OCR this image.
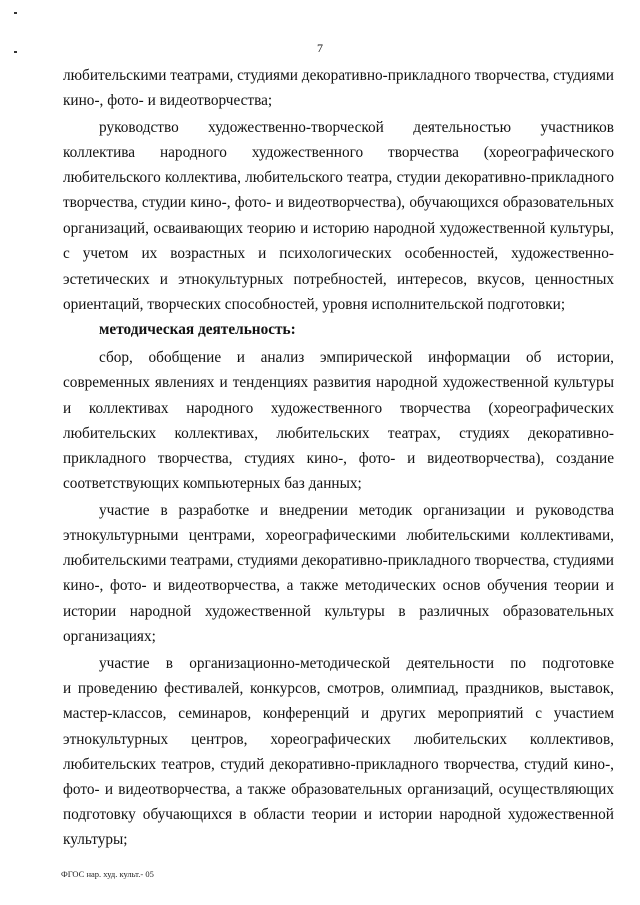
7
любительскими театрами, студиями декоративно-прикладного творчества, студиями
кино-, фото- и видеотворчества;
руководство художественно-творческой деятельностью участников
коллектива народного художественного творчества (хореографического
любительского коллектива, любительского театра, студии декоративно-прикладного
творчества, студии кино-, фото- и видеотворчества), обучающихся образовательных
организаций, осваивающих теорию и историю народной художественной культуры,
с учетом их возрастных и психологических особенностей, художественно-
эстетических и этнокультурных потребностей, интересов, вкусов, ценностных
ориентаций, творческих способностей, уровня исполнительской подготовки;
методическая деятельность:
сбор, обобщение и анализ эмпирической информации об истории,
современных явлениях и тенденциях развития народной художественной культуры
и коллективах народного художественного творчества (хореографических
любительских коллективах, любительских театрах, студиях декоративно-
прикладного творчества, студиях кино-, фото- и видеотворчества), создание
соответствующих компьютерных баз данных;
участие в разработке и внедрении методик организации и руководства
этнокультурными центрами, хореографическими любительскими коллективами,
любительскими театрами, студиями декоративно-прикладного творчества, студиями
кино-, фото- и видеотворчества, а также методических основ обучения теории и
истории народной художественной культуры в различных образовательных
организациях;
участие в организационно-методической деятельности по подготовке
и проведению фестивалей, конкурсов, смотров, олимпиад, праздников, выставок,
мастер-классов, семинаров, конференций и других мероприятий с участием
этнокультурных центров, хореографических любительских коллективов,
любительских театров, студий декоративно-прикладного творчества, студий кино-,
фото- и видеотворчества, а также образовательных организаций, осуществляющих
подготовку обучающихся в области теории и истории народной художественной
культуры;
ФГОС нар. худ. культ.- 05
